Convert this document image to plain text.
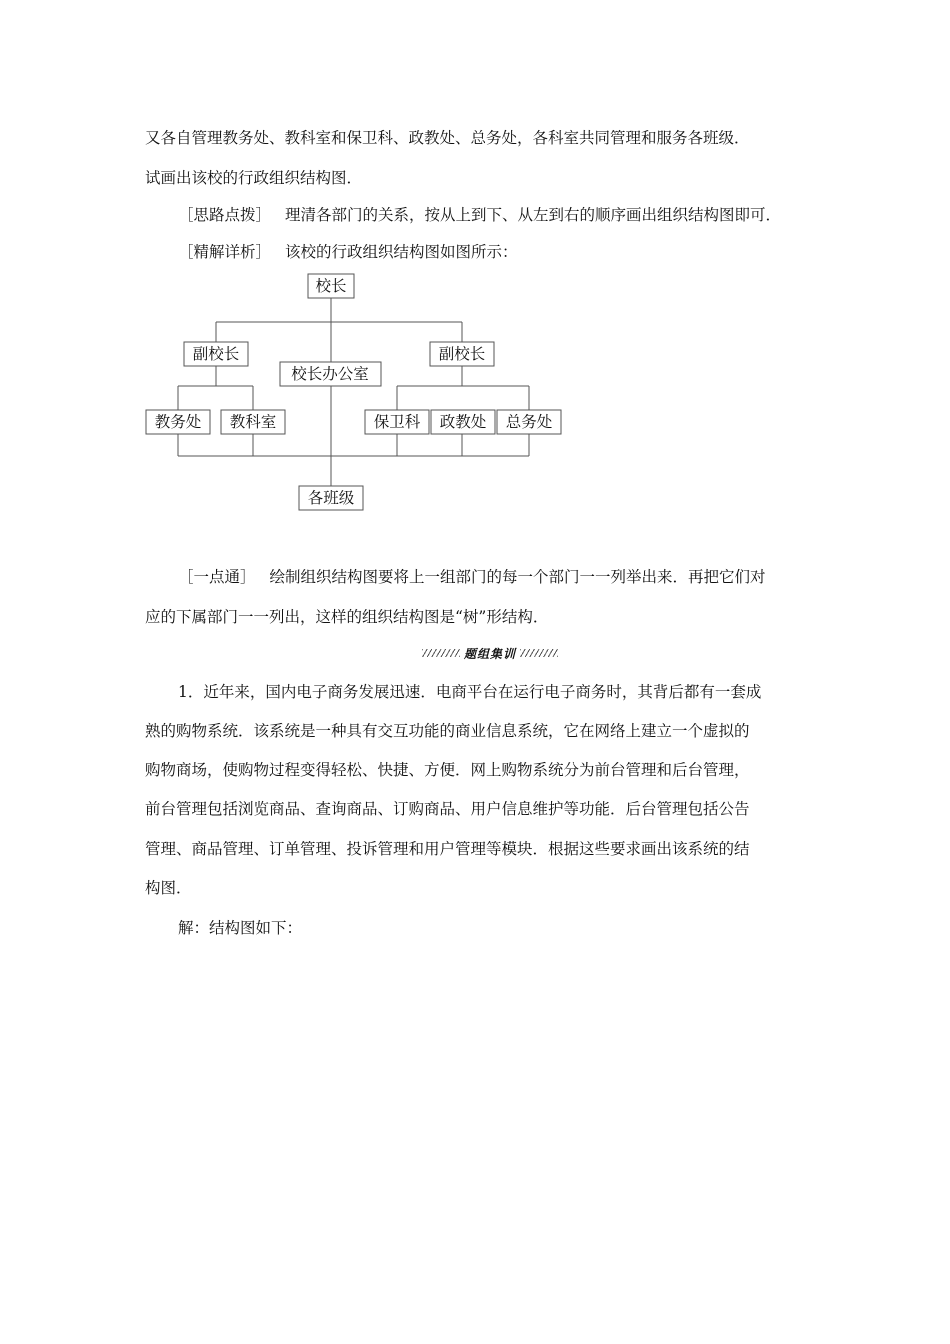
又各自管理教务处、教科室和保卫科、政教处、总务处，各科室共同管理和服务各班级．
试画出该校的行政组织结构图．
［思路点拨］ 理清各部门的关系，按从上到下、从左到右的顺序画出组织结构图即可．
［精解详析］ 该校的行政组织结构图如图所示：
校长
副校长
校长办公室
副校长
教务处 教科室	保卫科 政教处 总务处
各班级
［一点通］ 绘制组织结构图要将上一组部门的每一个部门一一列举出来．再把它们对
应的下属部门一一列出，这样的组织结构图是“树”形结构．
题组集训
1．近年来，国内电子商务发展迅速．电商平台在运行电子商务时，其背后都有一套成
熟的购物系统．该系统是一种具有交互功能的商业信息系统，它在网络上建立一个虚拟的
购物商场，使购物过程变得轻松、快捷、方便．网上购物系统分为前台管理和后台管理，
前台管理包括浏览商品、查询商品、订购商品、用户信息维护等功能．后台管理包括公告
管理、商品管理、订单管理、投诉管理和用户管理等模块．根据这些要求画出该系统的结
构图．
解：结构图如下：
